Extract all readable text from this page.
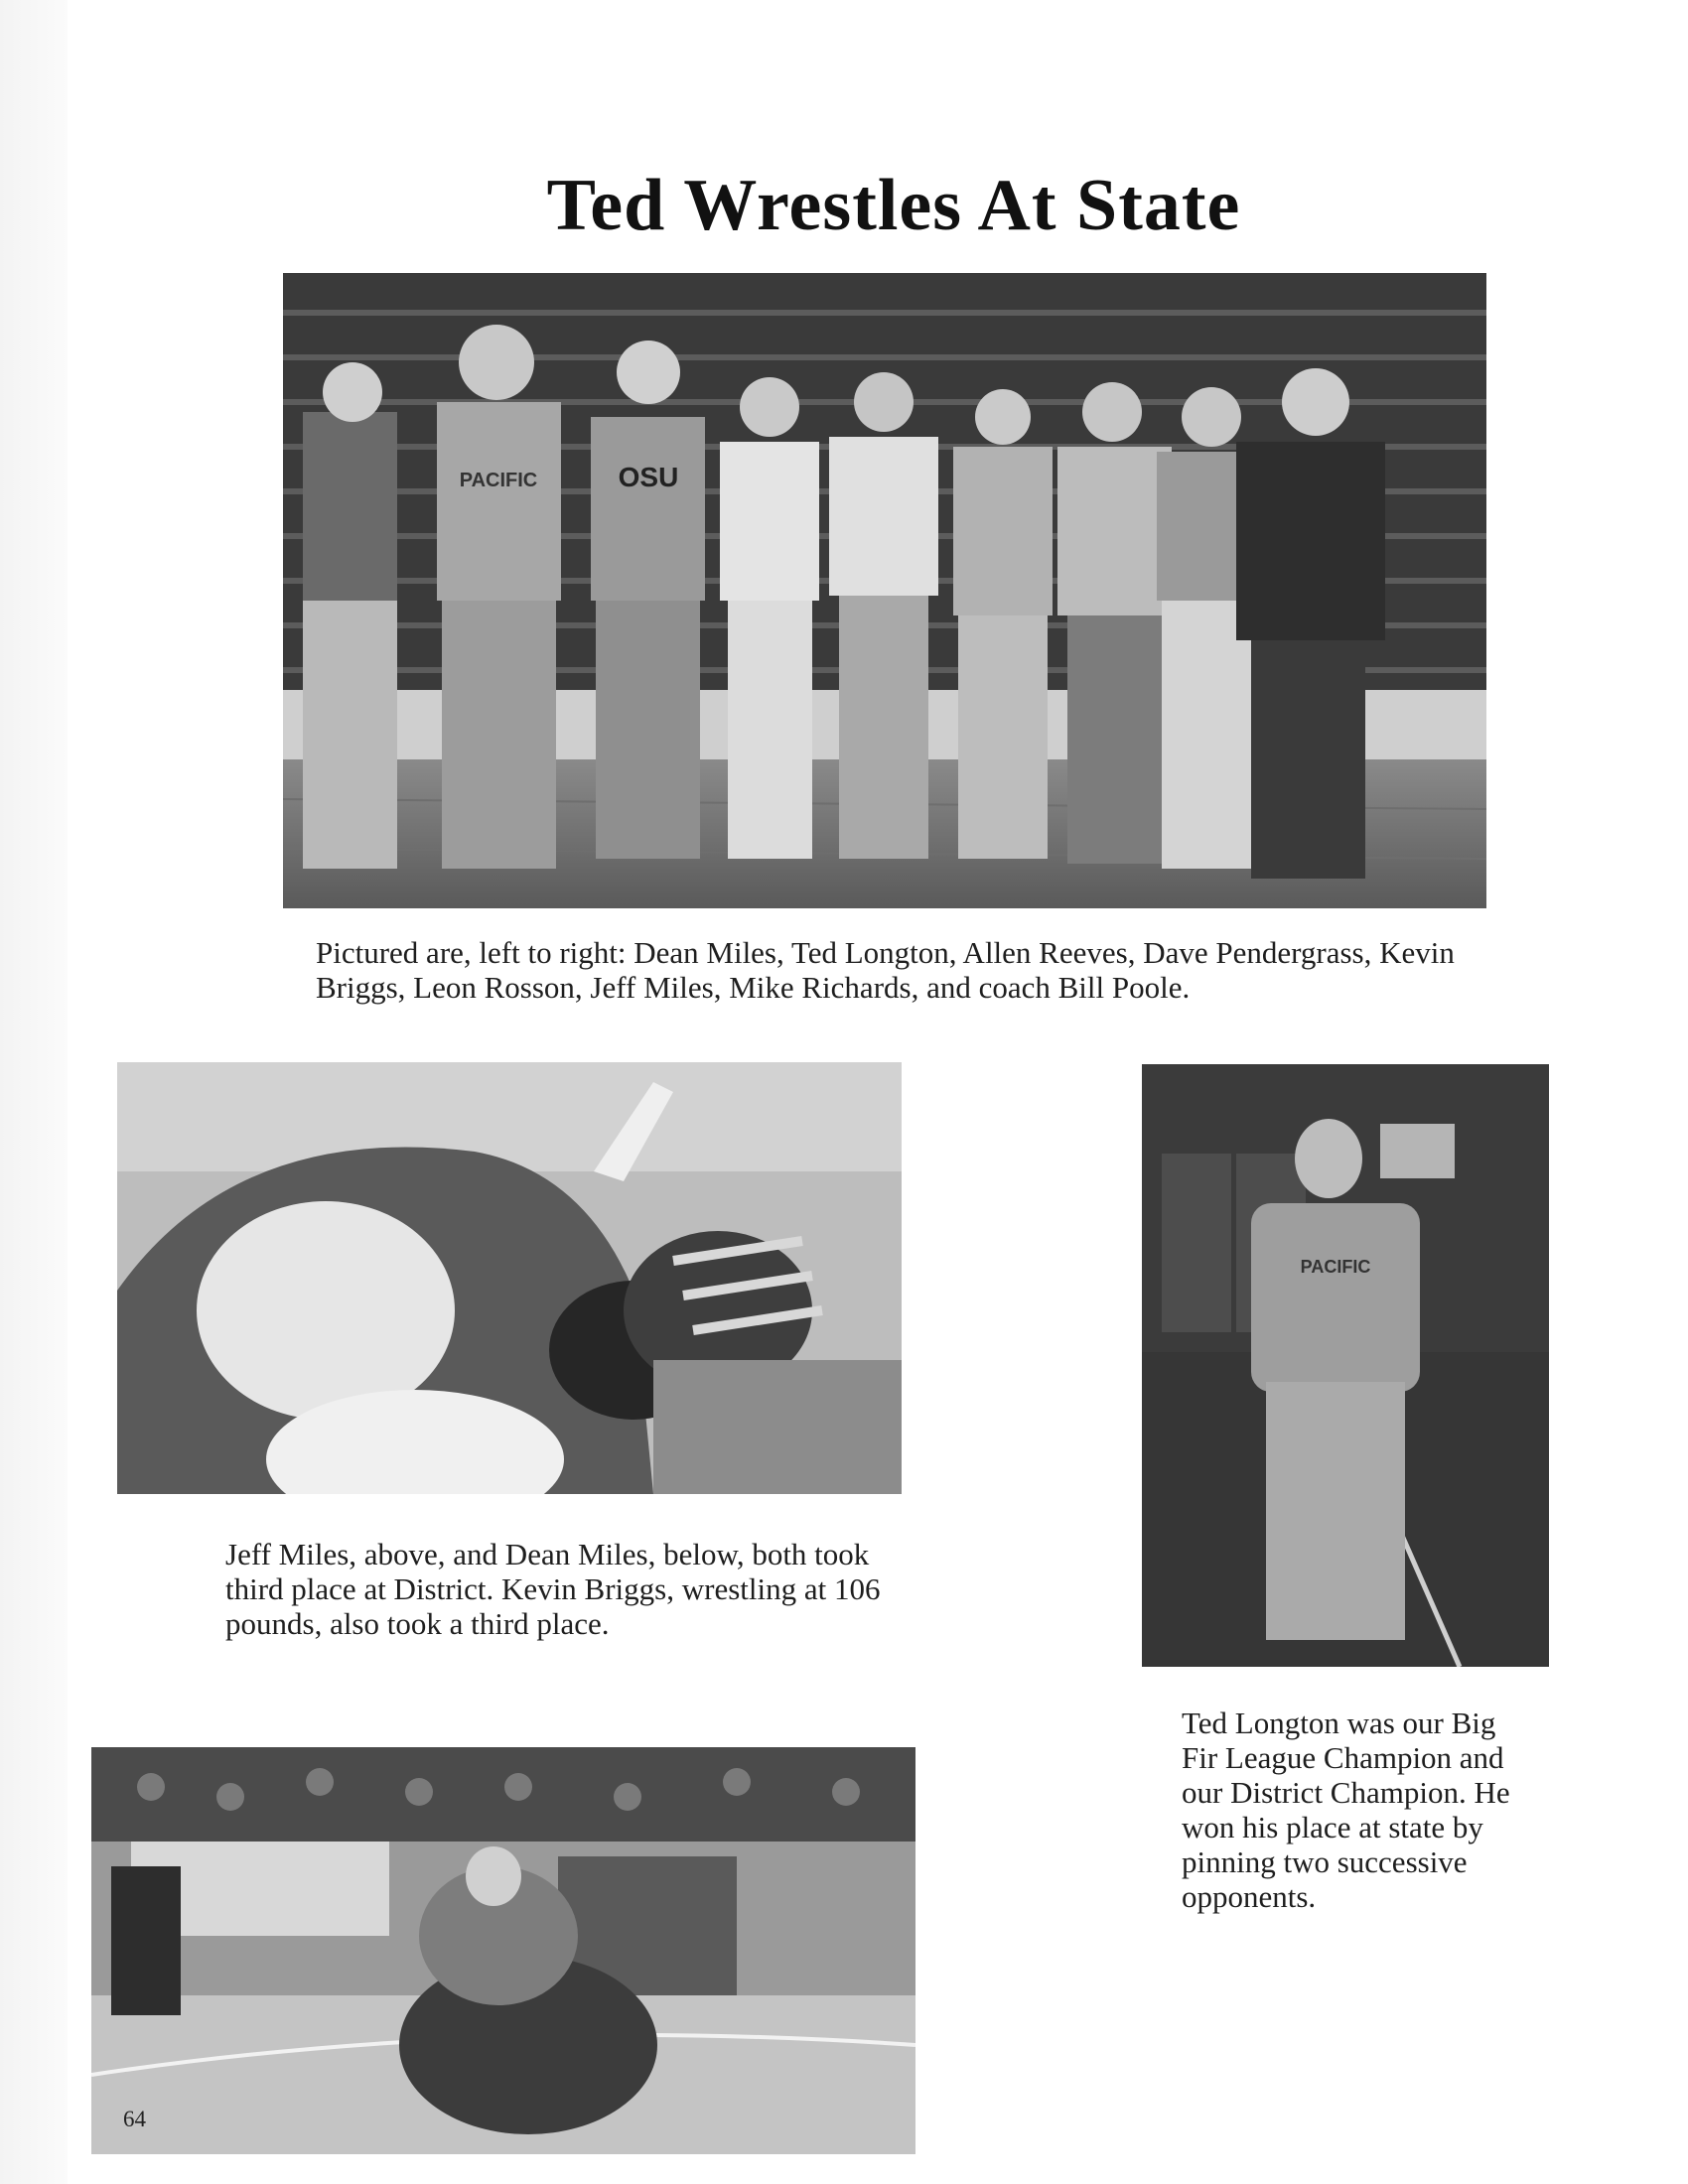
Ted Wrestles At State
PACIFIC	OSU
Pictured are, left to right: Dean Miles, Ted Longton, Allen Reeves, Dave Pendergrass, Kevin Briggs, Leon Rosson, Jeff Miles, Mike Richards, and coach Bill Poole.
Jeff Miles, above, and Dean Miles, below, both took third place at District. Kevin Briggs, wrestling at 106 pounds, also took a third place.
PACIFIC
Ted Longton was our Big Fir League Champion and our District Champion. He won his place at state by pinning two successive opponents.
64
